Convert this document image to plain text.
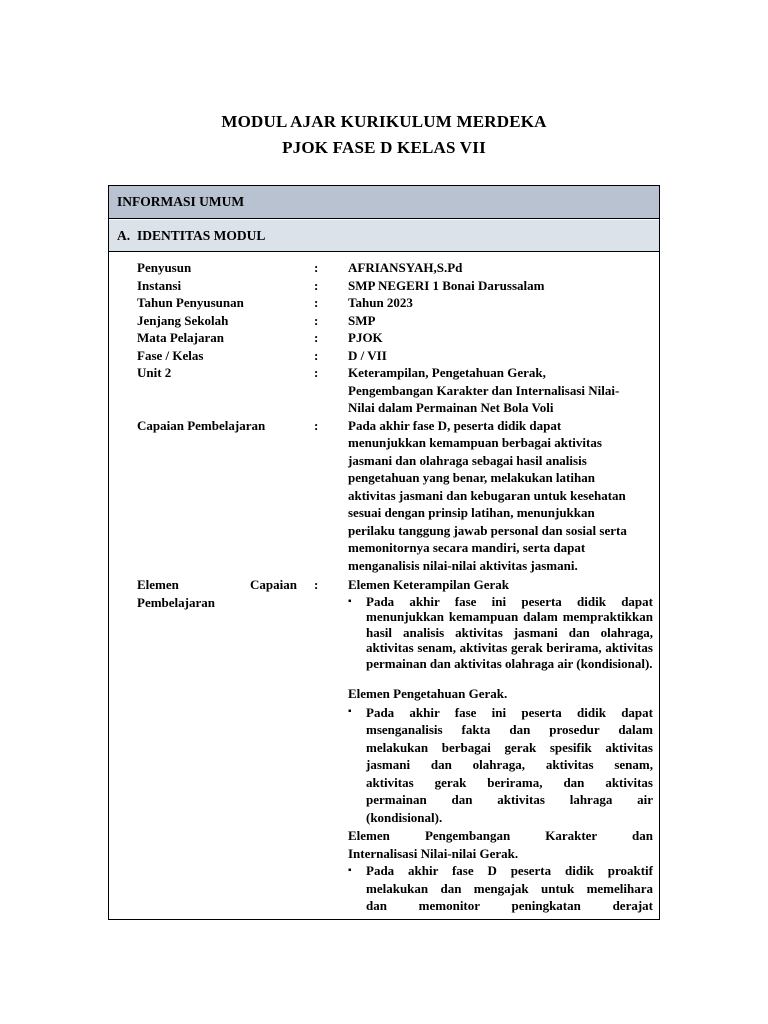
MODUL AJAR KURIKULUM MERDEKA
PJOK FASE D KELAS VII
INFORMASI UMUM
A. IDENTITAS MODUL
Penyusun	:	AFRIANSYAH,S.Pd
Instansi	:	SMP NEGERI 1 Bonai Darussalam
Tahun Penyusunan	:	Tahun 2023
Jenjang Sekolah	:	SMP
Mata Pelajaran	:	PJOK
Fase / Kelas	:	D / VII
Unit 2	:	Keterampilan, Pengetahuan Gerak,
Pengembangan Karakter dan Internalisasi Nilai-
Nilai dalam Permainan Net Bola Voli
Capaian Pembelajaran	:	Pada akhir fase D, peserta didik dapat
menunjukkan kemampuan berbagai aktivitas
jasmani dan olahraga sebagai hasil analisis
pengetahuan yang benar, melakukan latihan
aktivitas jasmani dan kebugaran untuk kesehatan
sesuai dengan prinsip latihan, menunjukkan
perilaku tanggung jawab personal dan sosial serta
memonitornya secara mandiri, serta dapat
menganalisis nilai-nilai aktivitas jasmani.
Elemen Capaian
Pembelajaran
:	Elemen Keterampilan Gerak
▪	Pada akhir fase ini peserta didik dapat menunjukkan kemampuan dalam mempraktikkan hasil analisis aktivitas jasmani dan olahraga, aktivitas senam, aktivitas gerak berirama, aktivitas permainan dan aktivitas olahraga air (kondisional).
Elemen Pengetahuan Gerak.
▪	Pada akhir fase ini peserta didik dapat
msenganalisis fakta dan prosedur dalam
melakukan berbagai gerak spesifik aktivitas
jasmani dan olahraga, aktivitas senam,
aktivitas gerak berirama, dan aktivitas
permainan dan aktivitas lahraga air
(kondisional).
Elemen Pengembangan Karakter dan
Internalisasi Nilai-nilai Gerak.
▪	Pada akhir fase D peserta didik proaktif
melakukan dan mengajak untuk memelihara
dan memonitor peningkatan derajat
